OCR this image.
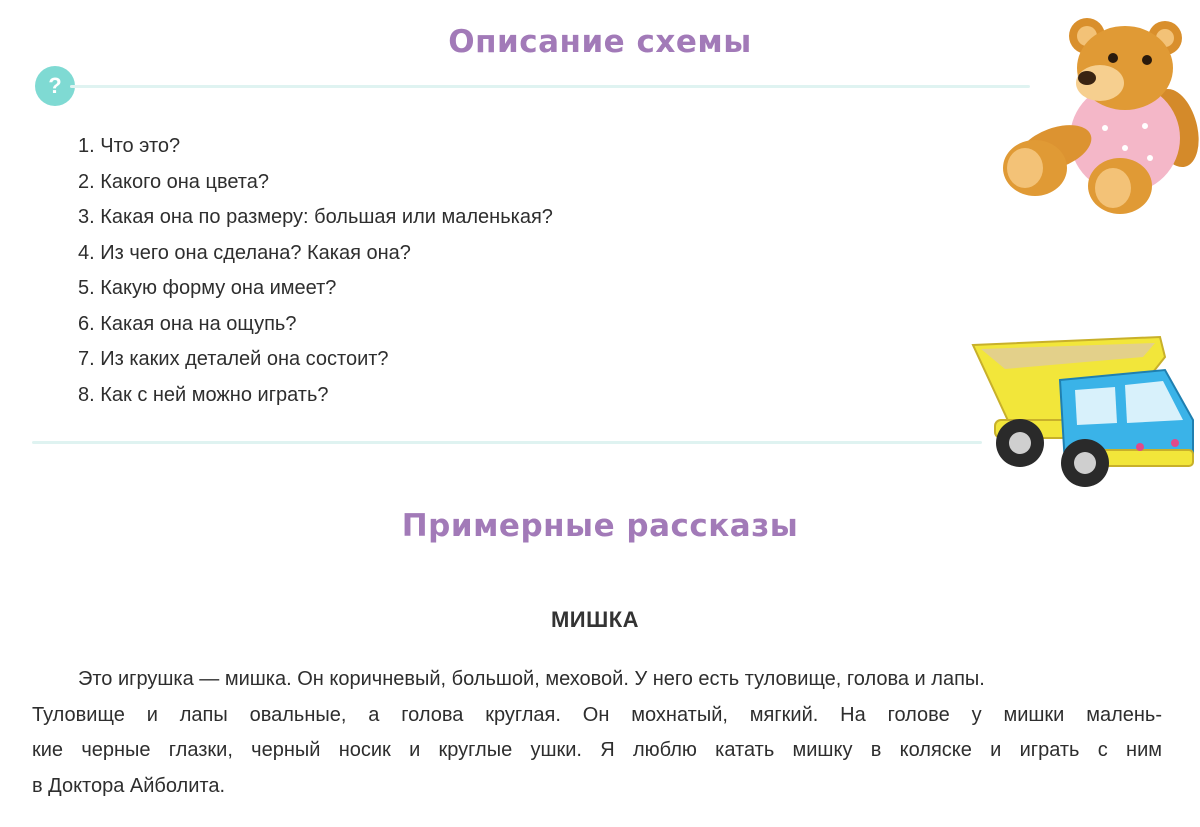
Описание схемы
?
1. Что это?
2. Какого она цвета?
3. Какая она по размеру: большая или маленькая?
4. Из чего она сделана? Какая она?
5. Какую форму она имеет?
6. Какая она на ощупь?
7. Из каких деталей она состоит?
8. Как с ней можно играть?
Примерные рассказы
МИШКА

Это игрушка — мишка. Он коричневый, большой, меховой. У него есть туловище, голова и лапы.
Туловище и лапы овальные, а голова круглая. Он мохнатый, мягкий. На голове у мишки малень-
кие черные глазки, черный носик и круглые ушки. Я люблю катать мишку в коляске и играть с ним
в Доктора Айболита.
